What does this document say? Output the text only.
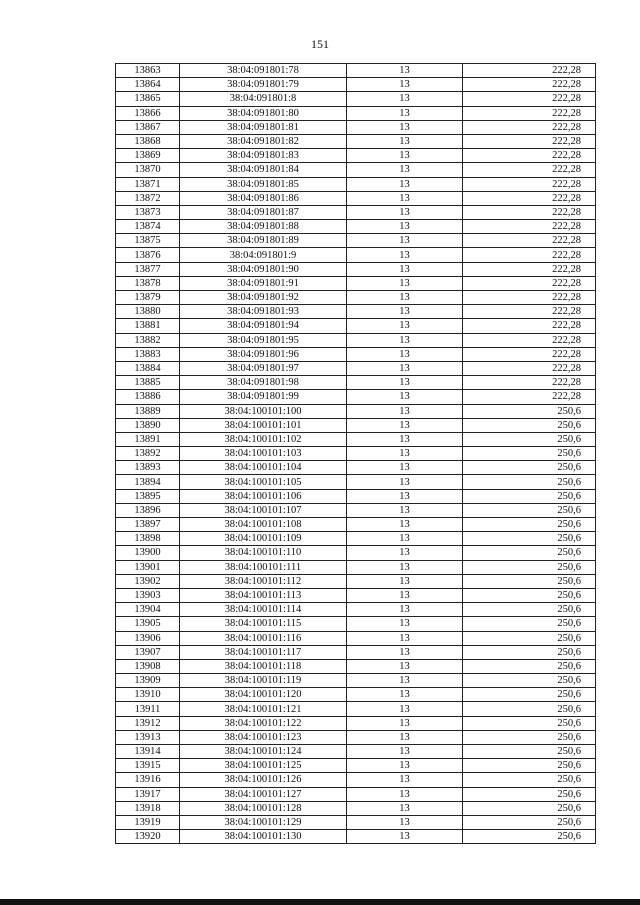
151
13863	38:04:091801:78	13	222,28
13864	38:04:091801:79	13	222,28
13865	38:04:091801:8	13	222,28
13866	38:04:091801:80	13	222,28
13867	38:04:091801:81	13	222,28
13868	38:04:091801:82	13	222,28
13869	38:04:091801:83	13	222,28
13870	38:04:091801:84	13	222,28
13871	38:04:091801:85	13	222,28
13872	38:04:091801:86	13	222,28
13873	38:04:091801:87	13	222,28
13874	38:04:091801:88	13	222,28
13875	38:04:091801:89	13	222,28
13876	38:04:091801:9	13	222,28
13877	38:04:091801:90	13	222,28
13878	38:04:091801:91	13	222,28
13879	38:04:091801:92	13	222,28
13880	38:04:091801:93	13	222,28
13881	38:04:091801:94	13	222,28
13882	38:04:091801:95	13	222,28
13883	38:04:091801:96	13	222,28
13884	38:04:091801:97	13	222,28
13885	38:04:091801:98	13	222,28
13886	38:04:091801:99	13	222,28
13889	38:04:100101:100	13	250,6
13890	38:04:100101:101	13	250,6
13891	38:04:100101:102	13	250,6
13892	38:04:100101:103	13	250,6
13893	38:04:100101:104	13	250,6
13894	38:04:100101:105	13	250,6
13895	38:04:100101:106	13	250,6
13896	38:04:100101:107	13	250,6
13897	38:04:100101:108	13	250,6
13898	38:04:100101:109	13	250,6
13900	38:04:100101:110	13	250,6
13901	38:04:100101:111	13	250,6
13902	38:04:100101:112	13	250,6
13903	38:04:100101:113	13	250,6
13904	38:04:100101:114	13	250,6
13905	38:04:100101:115	13	250,6
13906	38:04:100101:116	13	250,6
13907	38:04:100101:117	13	250,6
13908	38:04:100101:118	13	250,6
13909	38:04:100101:119	13	250,6
13910	38:04:100101:120	13	250,6
13911	38:04:100101:121	13	250,6
13912	38:04:100101:122	13	250,6
13913	38:04:100101:123	13	250,6
13914	38:04:100101:124	13	250,6
13915	38:04:100101:125	13	250,6
13916	38:04:100101:126	13	250,6
13917	38:04:100101:127	13	250,6
13918	38:04:100101:128	13	250,6
13919	38:04:100101:129	13	250,6
13920	38:04:100101:130	13	250,6
